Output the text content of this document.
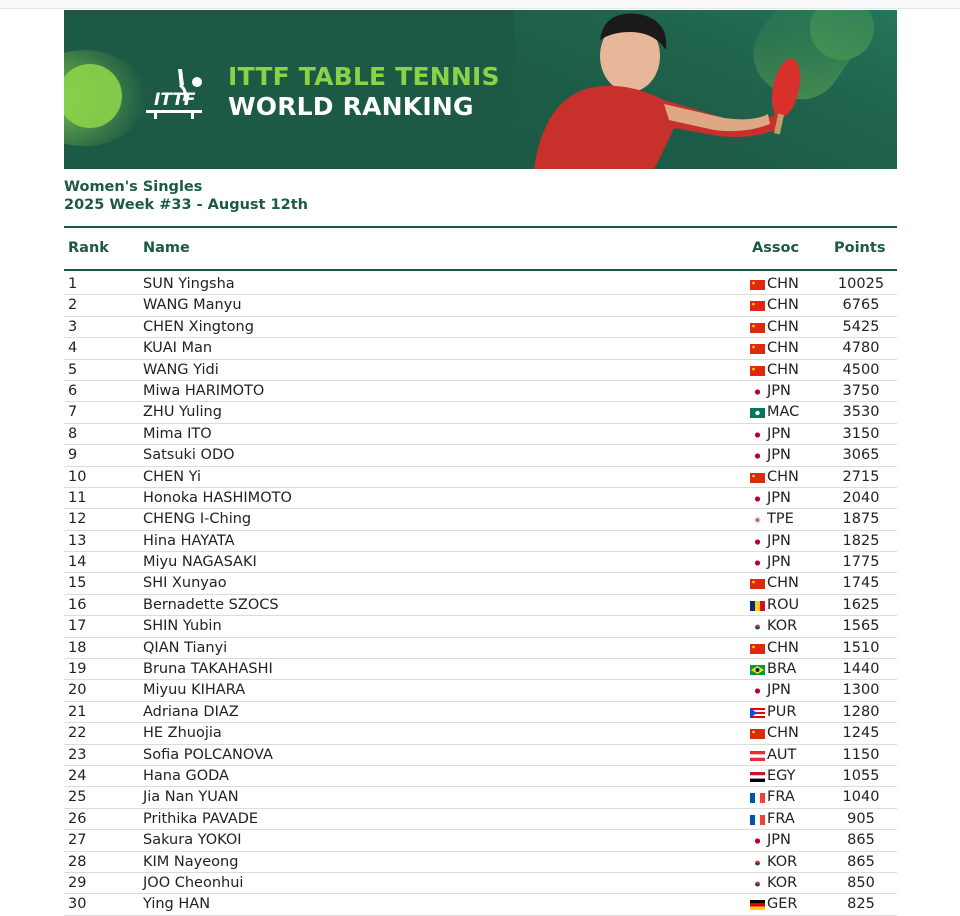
ITTF
ITTF TABLE TENNIS
WORLD RANKING
Women's Singles
2025 Week #33 - August 12th
Rank Name	Assoc Points
1	SUN Yingsha	CHN	10025
2	WANG Manyu	CHN	6765
3	CHEN Xingtong	CHN	5425
4	KUAI Man	CHN	4780
5	WANG Yidi	CHN	4500
6	Miwa HARIMOTO	JPN	3750
7	ZHU Yuling	MAC	3530
8	Mima ITO	JPN	3150
9	Satsuki ODO	JPN	3065
10	CHEN Yi	CHN	2715
11	Honoka HASHIMOTO	JPN	2040
12	CHENG I-Ching	TPE	1875
13	Hina HAYATA	JPN	1825
14	Miyu NAGASAKI	JPN	1775
15	SHI Xunyao	CHN	1745
16	Bernadette SZOCS	ROU	1625
17	SHIN Yubin	KOR	1565
18	QIAN Tianyi	CHN	1510
19	Bruna TAKAHASHI	BRA	1440
20	Miyuu KIHARA	JPN	1300
21	Adriana DIAZ	PUR	1280
22	HE Zhuojia	CHN	1245
23	Sofia POLCANOVA	AUT	1150
24	Hana GODA	EGY	1055
25	Jia Nan YUAN	FRA	1040
26	Prithika PAVADE	FRA	905
27	Sakura YOKOI	JPN	865
28	KIM Nayeong	KOR	865
29	JOO Cheonhui	KOR	850
30	Ying HAN	GER	825
